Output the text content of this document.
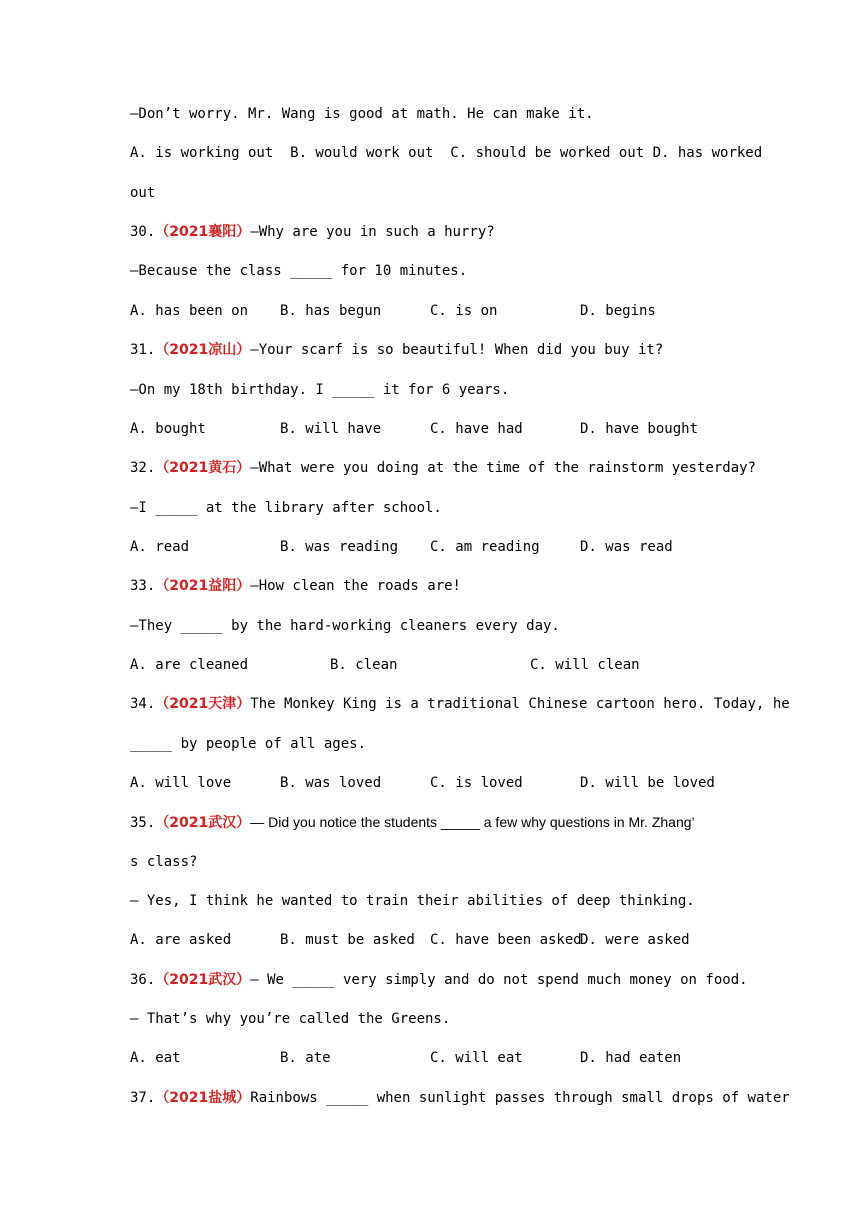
—Don’t worry. Mr. Wang is good at math. He can make it.
A. is working out  B. would work out  C. should be worked out D. has worked
out
30.（2021襄阳）—Why are you in such a hurry?
—Because the class _____ for 10 minutes.
A. has been on B. has begun	C. is on	D. begins
31.（2021凉山）—Your scarf is so beautiful! When did you buy it?
—On my 18th birthday. I _____ it for 6 years.
A. bought	B. will have	C. have had	D. have bought
32.（2021黄石）—What were you doing at the time of the rainstorm yesterday?
—I _____ at the library after school.
A. read	B. was reading C. am reading	D. was read
33.（2021益阳）—How clean the roads are!
—They _____ by the hard-working cleaners every day.
A. are cleaned	B. clean	C. will clean
34.（2021天津）The Monkey King is a traditional Chinese cartoon hero. Today, he
_____ by people of all ages.
A. will love	B. was loved	C. is loved	D. will be loved
35.（2021武汉）— Did you notice the students _____ a few why questions in Mr. Zhang’
s class?
— Yes, I think he wanted to train their abilities of deep thinking.
A. are asked	B. must be asked C. have been askedD. were asked
36.（2021武汉）— We _____ very simply and do not spend much money on food.
— That’s why you’re called the Greens.
A. eat	B. ate	C. will eat	D. had eaten
37.（2021盐城）Rainbows _____ when sunlight passes through small drops of water
